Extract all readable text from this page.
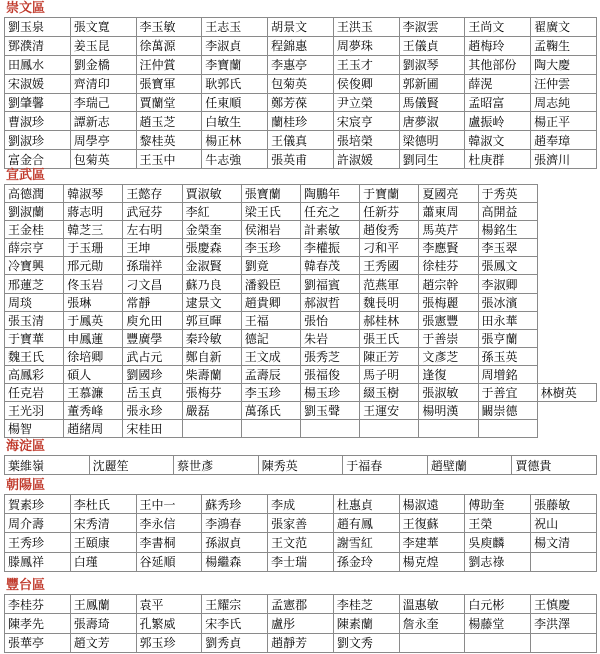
崇文區
劉玉泉	張文寬	李玉敏	王志玉	胡景文	王洪玉	李淑雲	王尚文	翟廣文
鄧濮清	姜玉昆	徐萬源	李淑貞	程錦惠	周夢珠	王儀貞	趙梅玲	孟鞠生
田鳳水	劉金橋	汪仲賞	李寶蘭	李惠亭	王玉才	劉淑琴	其他部份	陶大慶
宋淑媛	齊清印	張寶軍	耿郭氏	包菊英	侯俊卿	郭新圃	薛滉	汪仲雲
劉肇馨	李瑞己	賈蘭堂	任東順	鄭芳葆	尹立榮	馬儀賢	孟昭富	周志純
曹淑珍	譚新志	趙玉芝	白敏生	蘭桂珍	宋宸亨	唐夢淑	盧振岭	楊正平
劉淑珍	周學亭	黎桂英	楊正林	王儀真	張培榮	梁德明	韓淑文	趙奉璋
富金合	包菊英	王玉中	牛志強	張英甫	許淑媛	劉同生	杜庚群	張濟川
宣武區
高德潤	韓淑琴	王懿存	賈淑敏	張寶蘭	陶鵬年	于寶蘭	夏國亮	于秀英	
劉淑蘭	蔣志明	武冠芬	李紅	梁王氏	任充之	任新芬	蕭東周	高開益	
王金桂	韓芝三	左右明	金榮奎	侯湘岩	計素敏	趙俊秀	馬英芹	楊銘生	
薛宗亨	于玉珊	王坤	張慶森	李玉珍	李權振	刁和平	李應賢	李玉翠	
冷寶興	邢元勛	孫瑞祥	金淑賢	劉竟	韓春茂	王秀國	徐桂芬	張鳳文	
邢蓮芝	佟玉岩	刁文昌	蘇乃良	潘毅臣	劉福賓	范燕軍	趙宗幹	李淑卿	
周琰	張琳	常靜	逮景文	趙貴卿	郝淑哲	魏長明	張梅麗	張冰濱	
張玉清	于鳳英	庾允田	郭亘暉	王福	張怡	郝桂林	張憲豐	田永華	
于寶華	申鳳蓮	豐廣學	秦玲敏	德記	朱岩	張王氏	于善崇	張亨蘭	
魏王氏	徐培卿	武占元	鄭自新	王文成	張秀芝	陳正芳	文彥芝	孫玉英	
高鳳彩	碩人	劉國珍	柴壽蘭	孟壽辰	張福俊	馬子明	逢復	周增銘	
任克岩	王慕濂	岳玉貞	張梅芬	李玉珍	楊玉珍	綴玉樹	張淑敏	于善宜	林樹英
王光羽	董秀峰	張永珍	嚴磊	萬孫氏	劉玉聲	王運安	楊明漢	闞崇德	
楊智	趙緒周	宋桂田							
海淀區
葉維嶺	沈麗笙	蔡世彥	陳秀英	于福春	趙壁蘭	賈德貴
朝陽區
賀素珍	李杜氏	王中一	蘇秀珍	李成	杜惠貞	楊淑遠	傅助奎	張藤敏
周介壽	宋秀清	李永信	李鴻春	張家善	趙有鳳	王復蘇	王榮	祝山
王秀珍	王頤康	李書桐	孫淑貞	王文范	謝雪紅	李建華	吳庾麟	楊文清
滕鳳祥	白瑾	谷延順	楊繼森	李士瑞	孫金玲	楊克煌	劉志祿	
豐台區
李桂芬	王鳳蘭	袁平	王耀宗	孟憲郡	李桂芝	溫惠敏	白元彬	王慎慶
陳孝先	張壽琦	孔繁威	宋李氏	盧彤	陳素蘭	詹永奎	楊藤堂	李洪澤
張華亭	趙文芳	郭玉珍	劉秀貞	趙靜芳	劉文秀			
